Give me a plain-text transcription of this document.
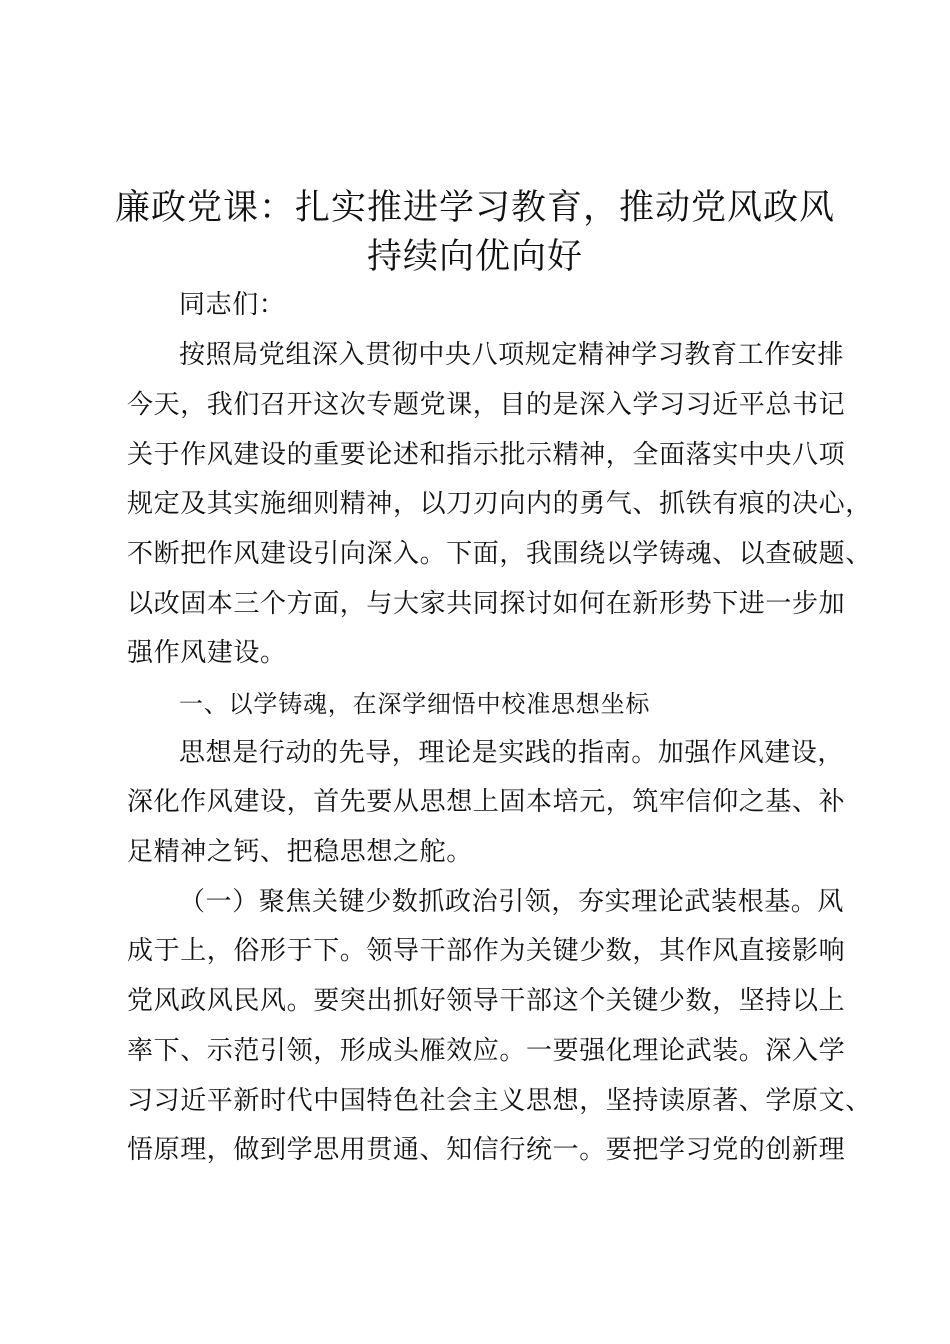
廉政党课：扎实推进学习教育，推动党风政风
持续向优向好
同志们：
按照局党组深入贯彻中央八项规定精神学习教育工作安排
今天，我们召开这次专题党课，目的是深入学习习近平总书记
关于作风建设的重要论述和指示批示精神，全面落实中央八项
规定及其实施细则精神，以刀刃向内的勇气、抓铁有痕的决心，
不断把作风建设引向深入。下面，我围绕以学铸魂、以查破题、
以改固本三个方面，与大家共同探讨如何在新形势下进一步加
强作风建设。
一、以学铸魂，在深学细悟中校准思想坐标
思想是行动的先导，理论是实践的指南。加强作风建设，
深化作风建设，首先要从思想上固本培元，筑牢信仰之基、补
足精神之钙、把稳思想之舵。
（一）聚焦关键少数抓政治引领，夯实理论武装根基。风
成于上，俗形于下。领导干部作为关键少数，其作风直接影响
党风政风民风。要突出抓好领导干部这个关键少数，坚持以上
率下、示范引领，形成头雁效应。一要强化理论武装。深入学
习习近平新时代中国特色社会主义思想，坚持读原著、学原文、
悟原理，做到学思用贯通、知信行统一。要把学习党的创新理
